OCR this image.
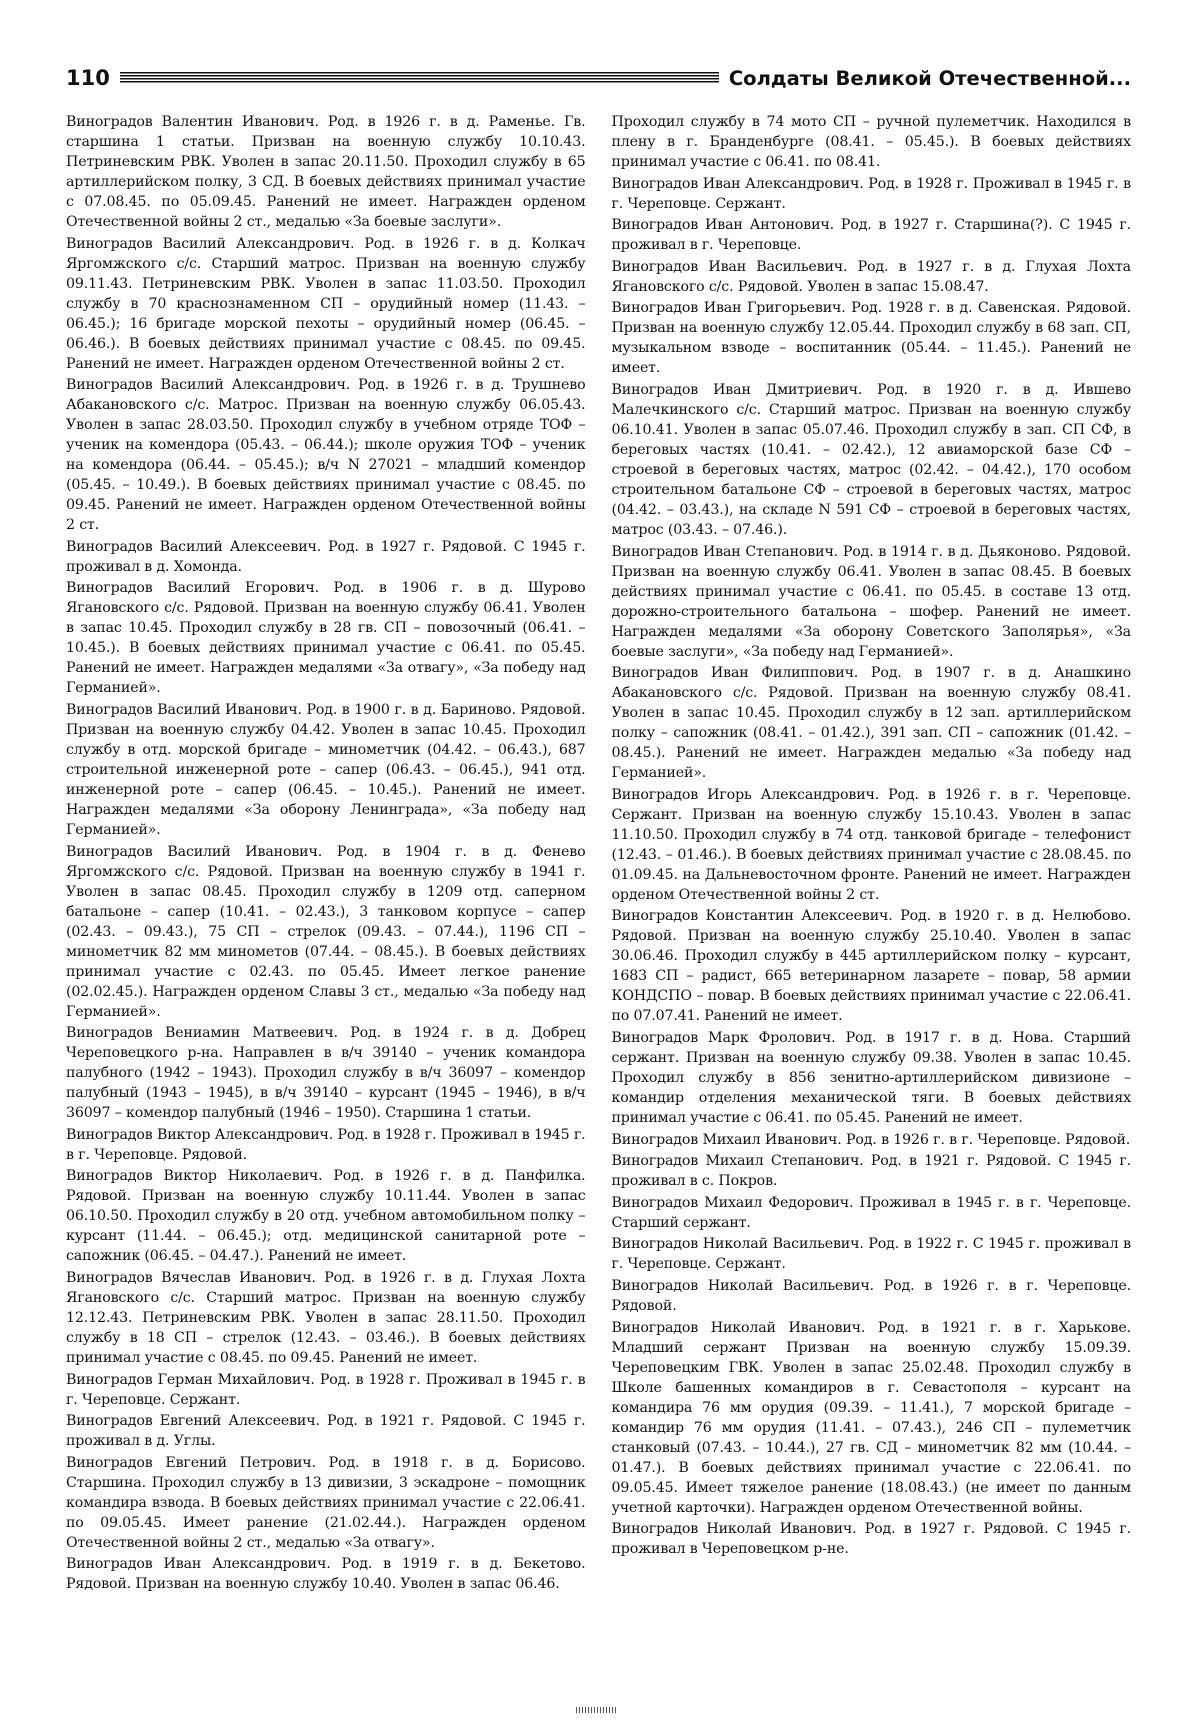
110	Солдаты Великой Отечественной...

Виноградов Валентин Иванович. Род. в 1926 г. в д. Раменье. Гв. старшина 1 статьи. Призван на военную службу 10.10.43. Петриневским РВК. Уволен в запас 20.11.50. Проходил службу в 65 артиллерийском полку, 3 СД. В боевых действиях принимал участие с 07.08.45. по 05.09.45. Ранений не имеет. Награжден орденом Отечественной войны 2 ст., медалью «За боевые заслуги».

Виноградов Василий Александрович. Род. в 1926 г. в д. Колкач Яргомжского с/с. Старший матрос. Призван на военную службу 09.11.43. Петриневским РВК. Уволен в запас 11.03.50. Проходил службу в 70 краснознаменном СП – орудийный номер (11.43. – 06.45.); 16 бригаде морской пехоты – орудийный номер (06.45. – 06.46.). В боевых действиях принимал участие с 08.45. по 09.45. Ранений не имеет. Награжден орденом Отечественной войны 2 ст.

Виноградов Василий Александрович. Род. в 1926 г. в д. Трушнево Абакановского с/с. Матрос. Призван на военную службу 06.05.43. Уволен в запас 28.03.50. Проходил службу в учебном отряде ТОФ – ученик на комендора (05.43. – 06.44.); школе оружия ТОФ – ученик на комендора (06.44. – 05.45.); в/ч N 27021 – младший комендор (05.45. – 10.49.). В боевых действиях принимал участие с 08.45. по 09.45. Ранений не имеет. Награжден орденом Отечественной войны 2 ст.

Виноградов Василий Алексеевич. Род. в 1927 г. Рядовой. С 1945 г. проживал в д. Хомонда.

Виноградов Василий Егорович. Род. в 1906 г. в д. Шурово Ягановского с/с. Рядовой. Призван на военную службу 06.41. Уволен в запас 10.45. Проходил службу в 28 гв. СП – повозочный (06.41. – 10.45.). В боевых действиях принимал участие с 06.41. по 05.45. Ранений не имеет. Награжден медалями «За отвагу», «За победу над Германией».

Виноградов Василий Иванович. Род. в 1900 г. в д. Бариново. Рядовой. Призван на военную службу 04.42. Уволен в запас 10.45. Проходил службу в отд. морской бригаде – минометчик (04.42. – 06.43.), 687 строительной инженерной роте – сапер (06.43. – 06.45.), 941 отд. инженерной роте – сапер (06.45. – 10.45.). Ранений не имеет. Награжден медалями «За оборону Ленинграда», «За победу над Германией».

Виноградов Василий Иванович. Род. в 1904 г. в д. Фенево Яргомжского с/с. Рядовой. Призван на военную службу в 1941 г. Уволен в запас 08.45. Проходил службу в 1209 отд. саперном батальоне – сапер (10.41. – 02.43.), 3 танковом корпусе – сапер (02.43. – 09.43.), 75 СП – стрелок (09.43. – 07.44.), 1196 СП – минометчик 82 мм минометов (07.44. – 08.45.). В боевых действиях принимал участие с 02.43. по 05.45. Имеет легкое ранение (02.02.45.). Награжден орденом Славы 3 ст., медалью «За победу над Германией».

Виноградов Вениамин Матвеевич. Род. в 1924 г. в д. Добрец Череповецкого р-на. Направлен в в/ч 39140 – ученик командора палубного (1942 – 1943). Проходил службу в в/ч 36097 – комендор палубный (1943 – 1945), в в/ч 39140 – курсант (1945 – 1946), в в/ч 36097 – комендор палубный (1946 – 1950). Старшина 1 статьи.

Виноградов Виктор Александрович. Род. в 1928 г. Проживал в 1945 г. в г. Череповце. Рядовой.

Виноградов Виктор Николаевич. Род. в 1926 г. в д. Панфилка. Рядовой. Призван на военную службу 10.11.44. Уволен в запас 06.10.50. Проходил службу в 20 отд. учебном автомобильном полку – курсант (11.44. – 06.45.); отд. медицинской санитарной роте – сапожник (06.45. – 04.47.). Ранений не имеет.

Виноградов Вячеслав Иванович. Род. в 1926 г. в д. Глухая Лохта Ягановского с/с. Старший матрос. Призван на военную службу 12.12.43. Петриневским РВК. Уволен в запас 28.11.50. Проходил службу в 18 СП – стрелок (12.43. – 03.46.). В боевых действиях принимал участие с 08.45. по 09.45. Ранений не имеет.

Виноградов Герман Михайлович. Род. в 1928 г. Проживал в 1945 г. в г. Череповце. Сержант.

Виноградов Евгений Алексеевич. Род. в 1921 г. Рядовой. С 1945 г. проживал в д. Углы.

Виноградов Евгений Петрович. Род. в 1918 г. в д. Борисово. Старшина. Проходил службу в 13 дивизии, 3 эскадроне – помощник командира взвода. В боевых действиях принимал участие с 22.06.41. по 09.05.45. Имеет ранение (21.02.44.). Награжден орденом Отечественной войны 2 ст., медалью «За отвагу».

Виноградов Иван Александрович. Род. в 1919 г. в д. Бекетово. Рядовой. Призван на военную службу 10.40. Уволен в запас 06.46.

Проходил службу в 74 мото СП – ручной пулеметчик. Находился в плену в г. Бранденбурге (08.41. – 05.45.). В боевых действиях принимал участие с 06.41. по 08.41.

Виноградов Иван Александрович. Род. в 1928 г. Проживал в 1945 г. в г. Череповце. Сержант.

Виноградов Иван Антонович. Род. в 1927 г. Старшина(?). С 1945 г. проживал в г. Череповце.

Виноградов Иван Васильевич. Род. в 1927 г. в д. Глухая Лохта Ягановского с/с. Рядовой. Уволен в запас 15.08.47.

Виноградов Иван Григорьевич. Род. 1928 г. в д. Савенская. Рядовой. Призван на военную службу 12.05.44. Проходил службу в 68 зап. СП, музыкальном взводе – воспитанник (05.44. – 11.45.). Ранений не имеет.

Виноградов Иван Дмитриевич. Род. в 1920 г. в д. Ившево Малечкинского с/с. Старший матрос. Призван на военную службу 06.10.41. Уволен в запас 05.07.46. Проходил службу в зап. СП СФ, в береговых частях (10.41. – 02.42.), 12 авиаморской базе СФ – строевой в береговых частях, матрос (02.42. – 04.42.), 170 особом строительном батальоне СФ – строевой в береговых частях, матрос (04.42. – 03.43.), на складе N 591 СФ – строевой в береговых частях, матрос (03.43. – 07.46.).

Виноградов Иван Степанович. Род. в 1914 г. в д. Дьяконово. Рядовой. Призван на военную службу 06.41. Уволен в запас 08.45. В боевых действиях принимал участие с 06.41. по 05.45. в составе 13 отд. дорожно-строительного батальона – шофер. Ранений не имеет. Награжден медалями «За оборону Советского Заполярья», «За боевые заслуги», «За победу над Германией».

Виноградов Иван Филиппович. Род. в 1907 г. в д. Анашкино Абакановского с/с. Рядовой. Призван на военную службу 08.41. Уволен в запас 10.45. Проходил службу в 12 зап. артиллерийском полку – сапожник (08.41. – 01.42.), 391 зап. СП – сапожник (01.42. – 08.45.). Ранений не имеет. Награжден медалью «За победу над Германией».

Виноградов Игорь Александрович. Род. в 1926 г. в г. Череповце. Сержант. Призван на военную службу 15.10.43. Уволен в запас 11.10.50. Проходил службу в 74 отд. танковой бригаде – телефонист (12.43. – 01.46.). В боевых действиях принимал участие с 28.08.45. по 01.09.45. на Дальневосточном фронте. Ранений не имеет. Награжден орденом Отечественной войны 2 ст.

Виноградов Константин Алексеевич. Род. в 1920 г. в д. Нелюбово. Рядовой. Призван на военную службу 25.10.40. Уволен в запас 30.06.46. Проходил службу в 445 артиллерийском полку – курсант, 1683 СП – радист, 665 ветеринарном лазарете – повар, 58 армии КОНДСПО – повар. В боевых действиях принимал участие с 22.06.41. по 07.07.41. Ранений не имеет.

Виноградов Марк Фролович. Род. в 1917 г. в д. Нова. Старший сержант. Призван на военную службу 09.38. Уволен в запас 10.45. Проходил службу в 856 зенитно-артиллерийском дивизионе – командир отделения механической тяги. В боевых действиях принимал участие с 06.41. по 05.45. Ранений не имеет.

Виноградов Михаил Иванович. Род. в 1926 г. в г. Череповце. Рядовой.

Виноградов Михаил Степанович. Род. в 1921 г. Рядовой. С 1945 г. проживал в с. Покров.

Виноградов Михаил Федорович. Проживал в 1945 г. в г. Череповце. Старший сержант.

Виноградов Николай Васильевич. Род. в 1922 г. С 1945 г. проживал в г. Череповце. Сержант.

Виноградов Николай Васильевич. Род. в 1926 г. в г. Череповце. Рядовой.

Виноградов Николай Иванович. Род. в 1921 г. в г. Харькове. Младший сержант Призван на военную службу 15.09.39. Череповецким ГВК. Уволен в запас 25.02.48. Проходил службу в Школе башенных командиров в г. Севастополя – курсант на командира 76 мм орудия (09.39. – 11.41.), 7 морской бригаде – командир 76 мм орудия (11.41. – 07.43.), 246 СП – пулеметчик станковый (07.43. – 10.44.), 27 гв. СД – минометчик 82 мм (10.44. – 01.47.). В боевых действиях принимал участие с 22.06.41. по 09.05.45. Имеет тяжелое ранение (18.08.43.) (не имеет по данным учетной карточки). Награжден орденом Отечественной войны.

Виноградов Николай Иванович. Род. в 1927 г. Рядовой. С 1945 г. проживал в Череповецком р-не.
